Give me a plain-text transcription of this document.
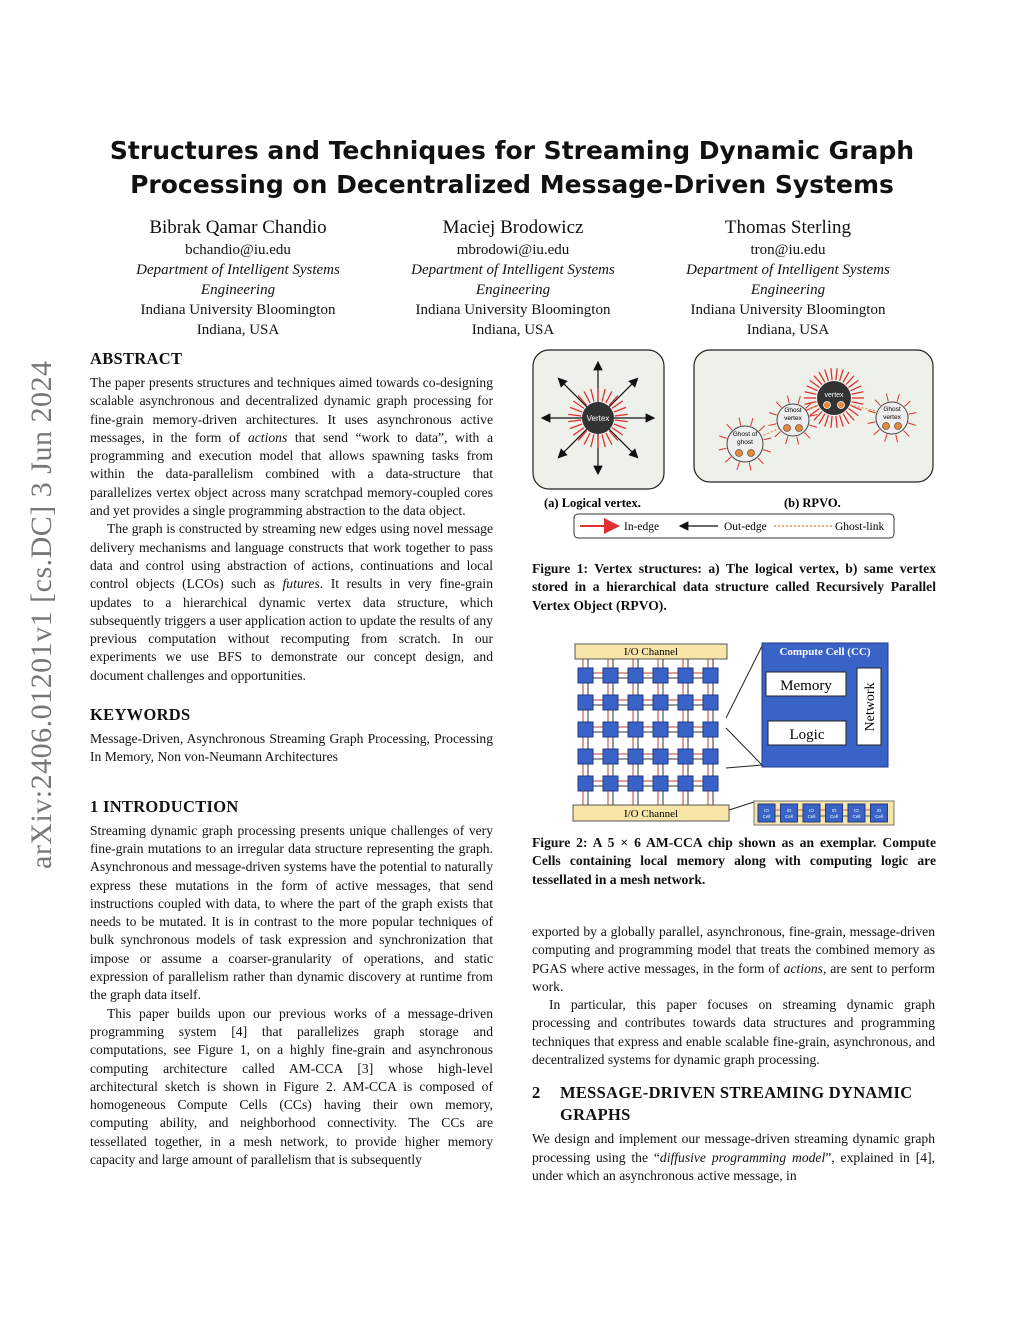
arXiv:2406.01201v1 [cs.DC] 3 Jun 2024
Structures and Techniques for Streaming Dynamic Graph
Processing on Decentralized Message-Driven Systems
Bibrak Qamar Chandio
bchandio@iu.edu
Department of Intelligent Systems
Engineering
Indiana University Bloomington
Indiana, USA
Maciej Brodowicz
mbrodowi@iu.edu
Department of Intelligent Systems
Engineering
Indiana University Bloomington
Indiana, USA
Thomas Sterling
tron@iu.edu
Department of Intelligent Systems
Engineering
Indiana University Bloomington
Indiana, USA
ABSTRACT

The paper presents structures and techniques aimed towards co-designing scalable asynchronous and decentralized dynamic graph processing for fine-grain memory-driven architectures. It uses asynchronous active messages, in the form of actions that send “work to data”, with a programming and execution model that allows spawning tasks from within the data-parallelism combined with a data-structure that parallelizes vertex object across many scratchpad memory-coupled cores and yet provides a single programming abstraction to the data object.

The graph is constructed by streaming new edges using novel message delivery mechanisms and language constructs that work together to pass data and control using abstraction of actions, continuations and local control objects (LCOs) such as futures. It results in very fine-grain updates to a hierarchical dynamic vertex data structure, which subsequently triggers a user application action to update the results of any previous computation without recomputing from scratch. In our experiments we use BFS to demonstrate our concept design, and document challenges and opportunities.

KEYWORDS

Message-Driven, Asynchronous Streaming Graph Processing, Processing In Memory, Non von-Neumann Architectures

1 INTRODUCTION

Streaming dynamic graph processing presents unique challenges of very fine-grain mutations to an irregular data structure representing the graph. Asynchronous and message-driven systems have the potential to naturally express these mutations in the form of active messages, that send instructions coupled with data, to where the part of the graph exists that needs to be mutated. It is in contrast to the more popular techniques of bulk synchronous models of task expression and synchronization that impose or assume a coarser-granularity of operations, and static expression of parallelism rather than dynamic discovery at runtime from the graph data itself.

This paper builds upon our previous works of a message-driven programming system [4] that parallelizes graph storage and computations, see Figure 1, on a highly fine-grain and asynchronous computing architecture called AM-CCA [3] whose high-level architectural sketch is shown in Figure 2. AM-CCA is composed of homogeneous Compute Cells (CCs) having their own memory, computing ability, and neighborhood connectivity. The CCs are tessellated together, in a mesh network, to provide higher memory capacity and large amount of parallelism that is subsequently

Vertex
vertex
Ghost
vertex
Ghost
vertex
Ghost of
ghost
(a) Logical vertex.	(b) RPVO.
In-edge	Out-edge	Ghost-link
Figure 1: Vertex structures: a) The logical vertex, b) same vertex stored in a hierarchical data structure called Recursively Parallel Vertex Object (RPVO).
I/O Channel
I/O Channel
Compute Cell (CC)
Memory
Logic
Network
IO
Cell
IO
Cell
IO
Cell
IO
Cell
IO
Cell
IO
Cell
Figure 2: A 5 × 6 AM-CCA chip shown as an exemplar. Compute Cells containing local memory along with computing logic are tessellated in a mesh network.

exported by a globally parallel, asynchronous, fine-grain, message-driven computing and programming model that treats the combined memory as PGAS where active messages, in the form of actions, are sent to perform work.

In particular, this paper focuses on streaming dynamic graph processing and contributes towards data structures and programming techniques that express and enable scalable fine-grain, asynchronous, and decentralized systems for dynamic graph processing.

2	MESSAGE-DRIVEN STREAMING DYNAMIC
GRAPHS

We design and implement our message-driven streaming dynamic graph processing using the “diffusive programming model”, explained in [4], under which an asynchronous active message, in
